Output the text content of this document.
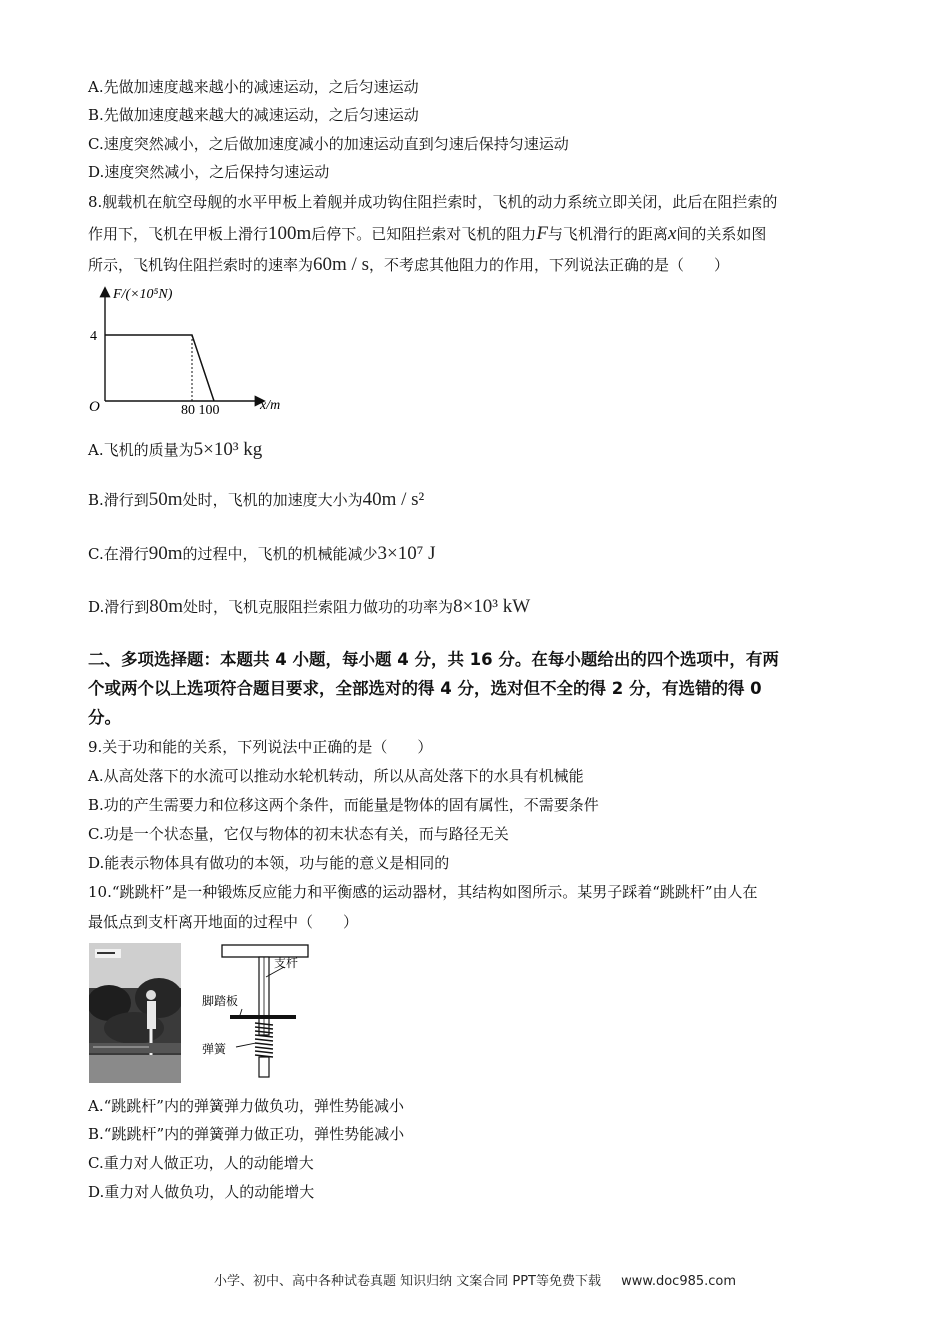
A.先做加速度越来越小的减速运动，之后匀速运动
B.先做加速度越来越大的减速运动，之后匀速运动
C.速度突然减小，之后做加速度减小的加速运动直到匀速后保持匀速运动
D.速度突然减小，之后保持匀速运动
8.舰载机在航空母舰的水平甲板上着舰并成功钩住阻拦索时，飞机的动力系统立即关闭，此后在阻拦索的
作用下，飞机在甲板上滑行100m后停下。已知阻拦索对飞机的阻力F与飞机滑行的距离x间的关系如图
所示，飞机钩住阻拦索时的速率为60m / s，不考虑其他阻力的作用，下列说法正确的是（　　）
F/(×10⁵N)
x/m
O
4
80 100
A.飞机的质量为5×10³ kg
B.滑行到50m处时，飞机的加速度大小为40m / s²
C.在滑行90m的过程中，飞机的机械能减少3×10⁷ J
D.滑行到80m处时，飞机克服阻拦索阻力做功的功率为8×10³ kW
二、多项选择题：本题共 4 小题，每小题 4 分，共 16 分。在每小题给出的四个选项中，有两
个或两个以上选项符合题目要求，全部选对的得 4 分，选对但不全的得 2 分，有选错的得 0
分。
9.关于功和能的关系，下列说法中正确的是（　　）
A.从高处落下的水流可以推动水轮机转动，所以从高处落下的水具有机械能
B.功的产生需要力和位移这两个条件，而能量是物体的固有属性，不需要条件
C.功是一个状态量，它仅与物体的初末状态有关，而与路径无关
D.能表示物体具有做功的本领，功与能的意义是相同的
10.“跳跳杆”是一种锻炼反应能力和平衡感的运动器材，其结构如图所示。某男子踩着“跳跳杆”由人在
最低点到支杆离开地面的过程中（　　）
支杆
脚踏板
弹簧
A.“跳跳杆”内的弹簧弹力做负功，弹性势能减小
B.“跳跳杆”内的弹簧弹力做正功，弹性势能减小
C.重力对人做正功，人的动能增大
D.重力对人做负功，人的动能增大
小学、初中、高中各种试卷真题 知识归纳 文案合同 PPT等免费下载 www.doc985.com
